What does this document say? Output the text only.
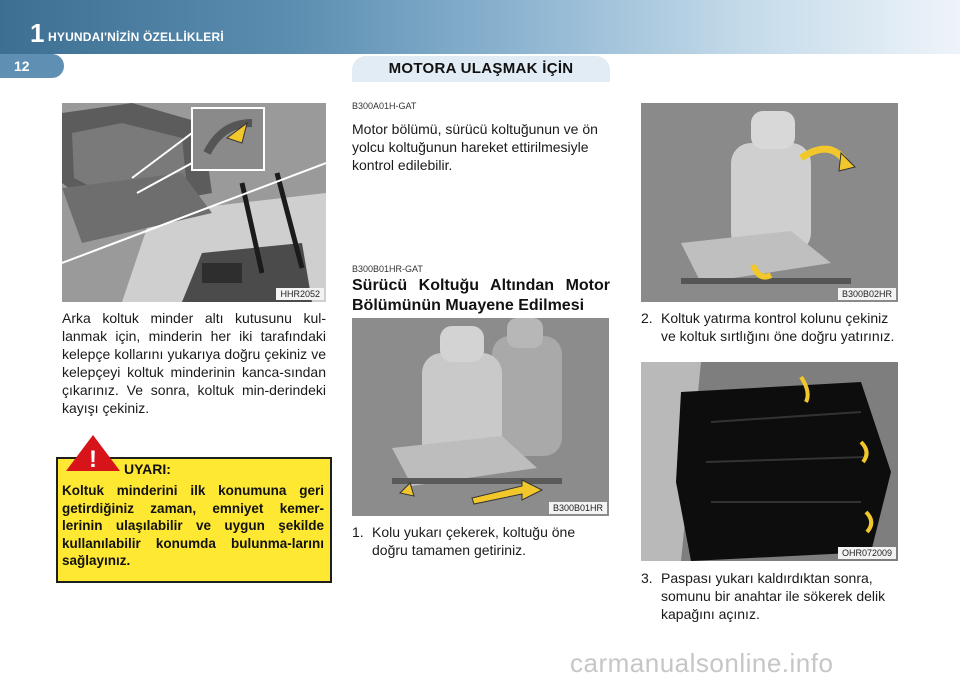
1 HYUNDAI'NİZİN ÖZELLİKLERİ
12	MOTORA ULAŞMAK İÇİN
HHR2052
Arka koltuk minder altı kutusunu kul-lanmak için, minderin her iki tarafındaki kelepçe kollarını yukarıya doğru çekiniz ve kelepçeyi koltuk minderinin kanca-sından çıkarınız. Ve sonra, koltuk min-derindeki kayışı çekiniz.
! UYARI:
Koltuk minderini ilk konumuna geri getirdiğiniz zaman, emniyet kemer-lerinin ulaşılabilir ve uygun şekilde kullanılabilir konumda bulunma-larını sağlayınız.
B300A01H-GAT
Motor bölümü, sürücü koltuğunun ve ön yolcu koltuğunun hareket ettirilmesiyle kontrol edilebilir.
B300B01HR-GAT
Sürücü Koltuğu Altından Motor Bölümünün Muayene Edilmesi
B300B01HR
1. Kolu yukarı çekerek, koltuğu öne doğru tamamen getiriniz.
B300B02HR
2. Koltuk yatırma kontrol kolunu çekiniz ve koltuk sırtlığını öne doğru yatırınız.
OHR072009
3. Paspası yukarı kaldırdıktan sonra, somunu bir anahtar ile sökerek delik kapağını açınız.
carmanualsonline.info
